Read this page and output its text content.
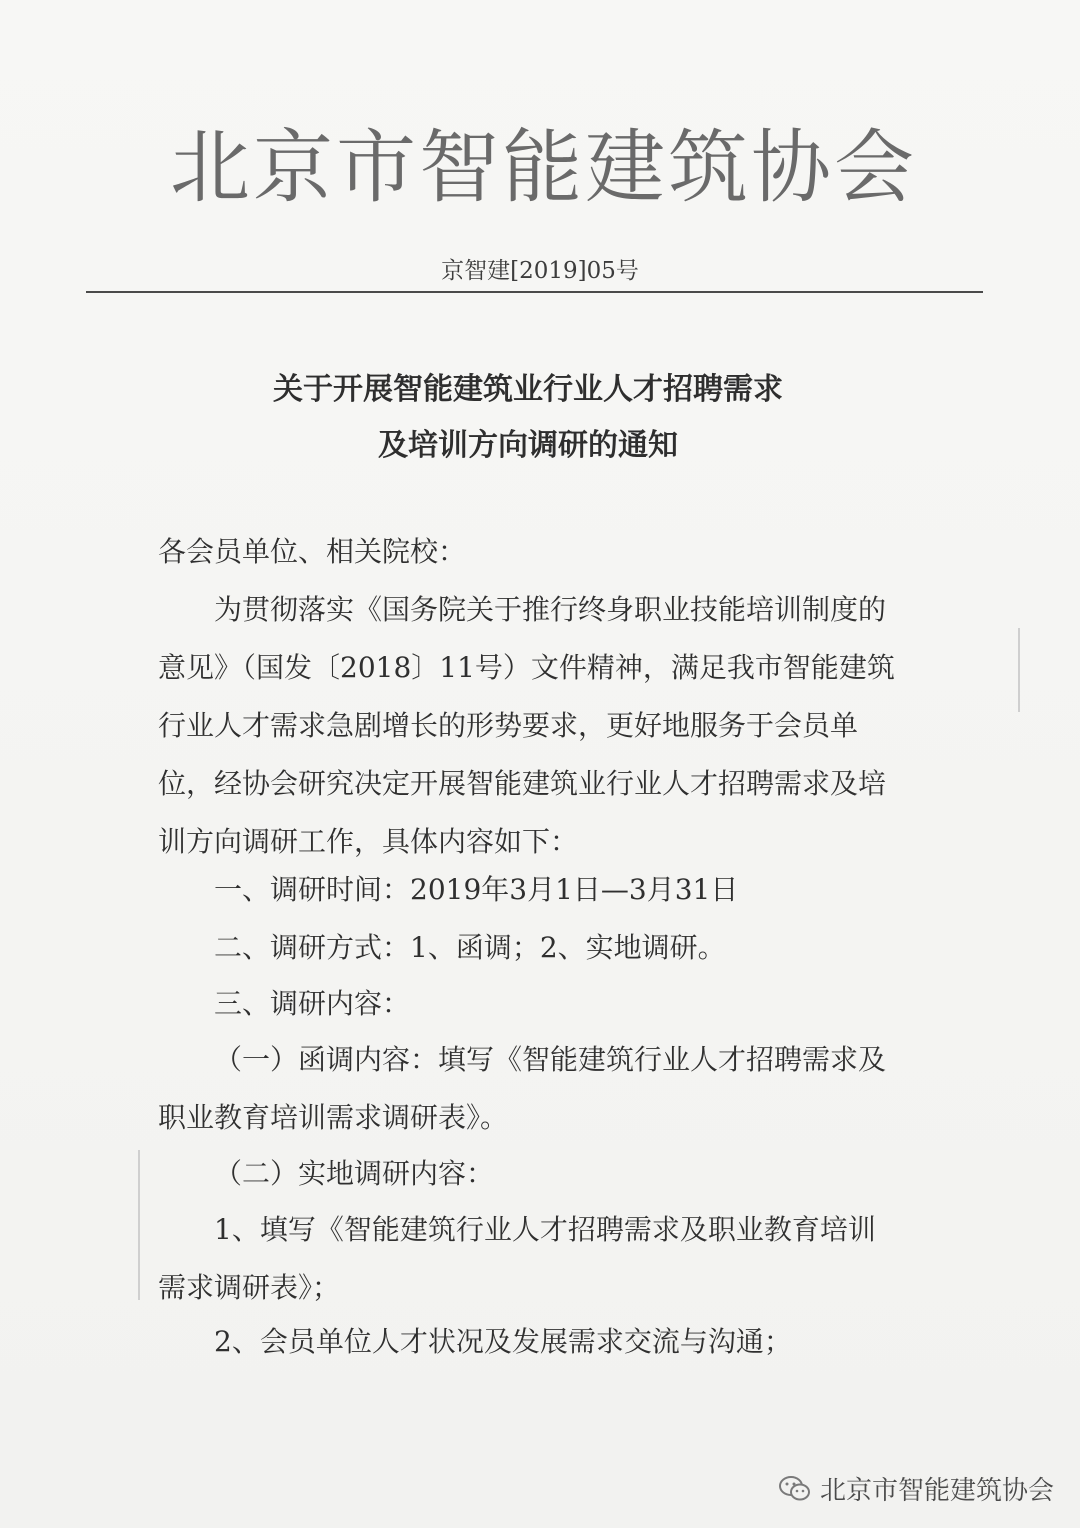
北京市智能建筑协会
京智建[2019]05号
关于开展智能建筑业行业人才招聘需求
及培训方向调研的通知
各会员单位、相关院校：
为贯彻落实《国务院关于推行终身职业技能培训制度的
意见》（国发〔2018〕11号）文件精神，满足我市智能建筑
行业人才需求急剧增长的形势要求，更好地服务于会员单
位，经协会研究决定开展智能建筑业行业人才招聘需求及培
训方向调研工作，具体内容如下：
一、调研时间：2019年3月1日—3月31日
二、调研方式：1、函调；2、实地调研。
三、调研内容：
（一）函调内容：填写《智能建筑行业人才招聘需求及
职业教育培训需求调研表》。
（二）实地调研内容：
1、填写《智能建筑行业人才招聘需求及职业教育培训
需求调研表》；
2、会员单位人才状况及发展需求交流与沟通；
北京市智能建筑协会
